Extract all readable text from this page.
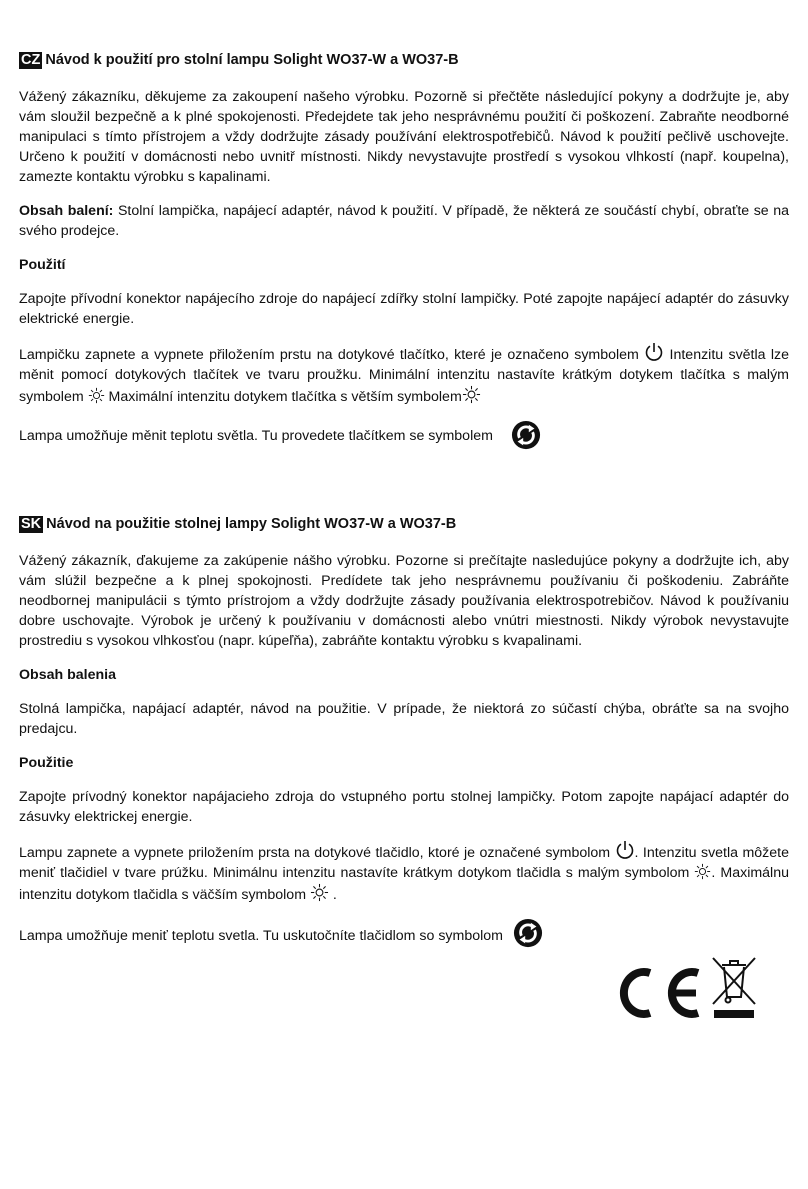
CZ Návod k použití pro stolní lampu Solight WO37-W a WO37-B

Vážený zákazníku, děkujeme za zakoupení našeho výrobku. Pozorně si přečtěte následující pokyny a dodržujte je, aby vám sloužil bezpečně a k plné spokojenosti. Předejdete tak jeho nesprávnému použití či poškození. Zabraňte neodborné manipulaci s tímto přístrojem a vždy dodržujte zásady používání elektrospotřebičů. Návod k použití pečlivě uschovejte. Určeno k použití v domácnosti nebo uvnitř místnosti. Nikdy nevystavujte prostředí s vysokou vlhkostí (např. koupelna), zamezte kontaktu výrobku s kapalinami.

Obsah balení: Stolní lampička, napájecí adaptér, návod k použití. V případě, že některá ze součástí chybí, obraťte se na svého prodejce.

Použití

Zapojte přívodní konektor napájecího zdroje do napájecí zdířky stolní lampičky. Poté zapojte napájecí adaptér do zásuvky elektrické energie.

Lampičku zapnete a vypnete přiložením prstu na dotykové tlačítko, které je označeno symbolem  Intenzitu světla lze měnit pomocí dotykových tlačítek ve tvaru proužku. Minimální intenzitu nastavíte krátkým dotykem tlačítka s malým symbolem  Maximální intenzitu dotykem tlačítka s větším symbolem

Lampa umožňuje měnit teplotu světla. Tu provedete tlačítkem se symbolem

SK Návod na použitie stolnej lampy Solight WO37-W a WO37-B

Vážený zákazník, ďakujeme za zakúpenie nášho výrobku. Pozorne si prečítajte nasledujúce pokyny a dodržujte ich, aby vám slúžil bezpečne a k plnej spokojnosti. Predídete tak jeho nesprávnemu používaniu či poškodeniu. Zabráňte neodbornej manipulácii s týmto prístrojom a vždy dodržujte zásady používania elektrospotrebičov. Návod k používaniu dobre uschovajte. Výrobok je určený k používaniu v domácnosti alebo vnútri miestnosti. Nikdy výrobok nevystavujte prostrediu s vysokou vlhkosťou (napr. kúpeľňa), zabráňte kontaktu výrobku s kvapalinami.

Obsah balenia

Stolná lampička, napájací adaptér, návod na použitie. V prípade, že niektorá zo súčastí chýba, obráťte sa na svojho predajcu.

Použitie

Zapojte prívodný konektor napájacieho zdroja do vstupného portu stolnej lampičky. Potom zapojte napájací adaptér do zásuvky elektrickej energie.

Lampu zapnete a vypnete priložením prsta na dotykové tlačidlo, ktoré je označené symbolom . Intenzitu svetla môžete meniť tlačidiel v tvare prúžku. Minimálnu intenzitu nastavíte krátkym dotykom tlačidla s malým symbolom . Maximálnu intenzitu dotykom tlačidla s väčším symbolom  .

Lampa umožňuje meniť teplotu svetla. Tu uskutočníte tlačidlom so symbolom
